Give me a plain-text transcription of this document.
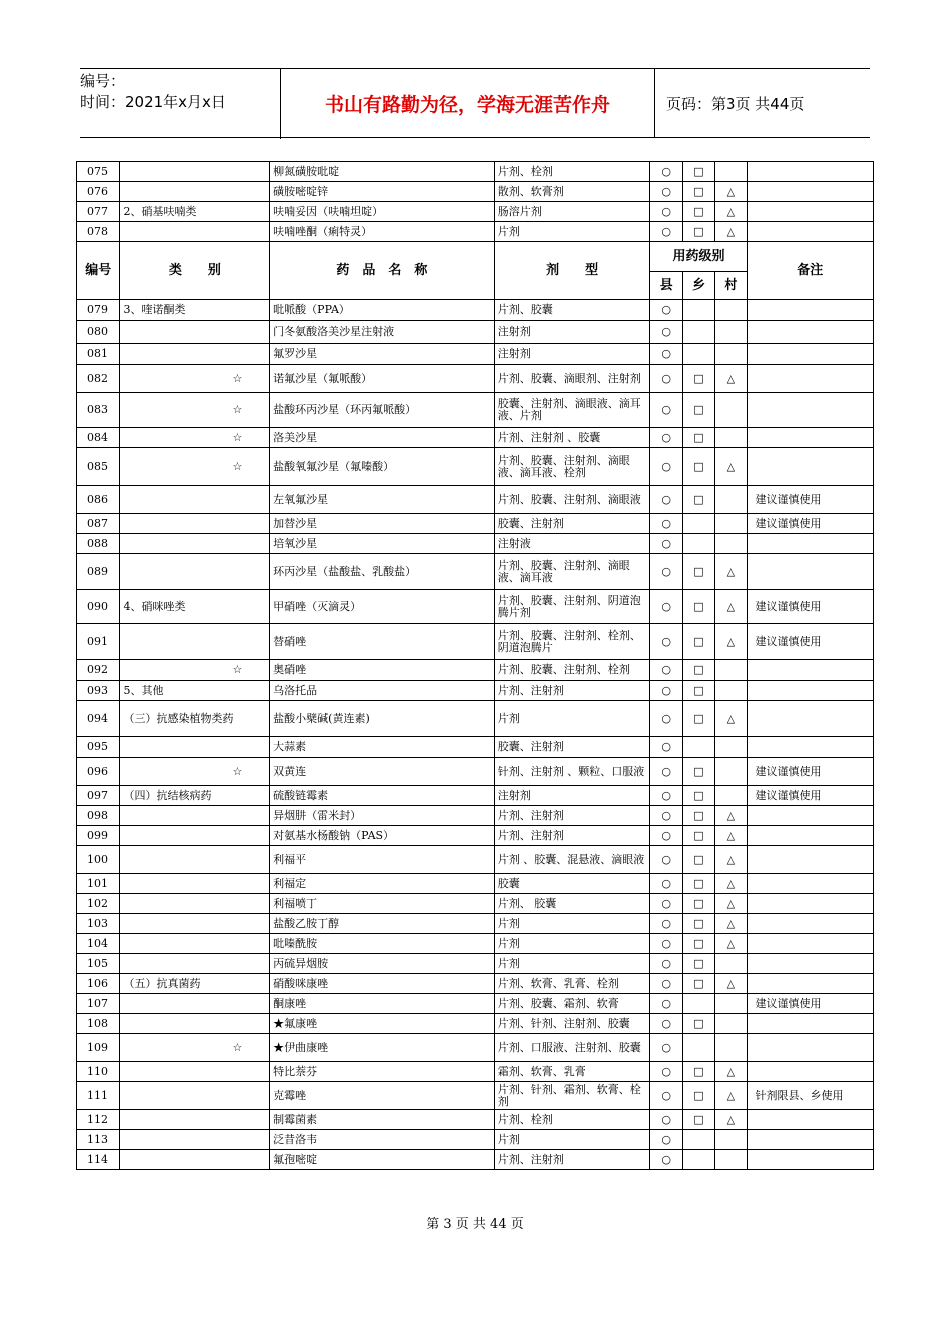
编号：
时间：2021年x月x日	书山有路勤为径，学海无涯苦作舟	页码：第3页 共44页
075		柳氮磺胺吡啶	片剂、栓剂	○	□		
076		磺胺嘧啶锌	散剂、软膏剂	○	□	△	
077	2、硝基呋喃类	呋喃妥因（呋喃坦啶）	肠溶片剂	○	□	△	
078		呋喃唑酮（痢特灵）	片剂	○	□	△	
编号	类　　别	药　品　名　称	剂　　型	用药级别			备注
				县	乡	村	
079	3、喹诺酮类	吡哌酸（PPA）	片剂、胶囊	○			
080		门冬氨酸洛美沙星注射液	注射剂	○			
081		氟罗沙星	注射剂	○			
082	☆	诺氟沙星（氟哌酸）	片剂、胶囊、滴眼剂、注射剂	○	□	△	
083	☆	盐酸环丙沙星（环丙氟哌酸）	胶囊、注射剂、滴眼液、滴耳液、片剂	○	□		
084	☆	洛美沙星	片剂、注射剂 、胶囊	○	□		
085	☆	盐酸氧氟沙星（氟嗪酸）	片剂、胶囊、注射剂、滴眼液、滴耳液、栓剂	○	□	△	
086		左氧氟沙星	片剂、胶囊、注射剂、滴眼液	○	□		建议谨慎使用
087		加替沙星	胶囊、注射剂	○			建议谨慎使用
088		培氧沙星	注射液	○			
089		环丙沙星（盐酸盐、乳酸盐）	片剂、胶囊、注射剂、滴眼液、滴耳液	○	□	△	
090	4、硝咪唑类	甲硝唑（灭滴灵）	片剂、胶囊、注射剂、阴道泡腾片剂	○	□	△	建议谨慎使用
091		替硝唑	片剂、胶囊、注射剂、栓剂、阴道泡腾片	○	□	△	建议谨慎使用
092	☆	奥硝唑	片剂、胶囊、注射剂、栓剂	○	□		
093	5、其他	乌洛托品	片剂、注射剂	○	□		
094	（三）抗感染植物类药	盐酸小檗碱(黄连素)	片剂	○	□	△	
095		大蒜素	胶囊、注射剂	○			
096	☆	双黄连	针剂、注射剂 、颗粒、口服液	○	□		建议谨慎使用
097	（四）抗结核病药	硫酸链霉素	注射剂	○	□		建议谨慎使用
098		异烟肼（雷米封）	片剂、注射剂	○	□	△	
099		对氨基水杨酸钠（PAS）	片剂、注射剂	○	□	△	
100		利福平	片剂 、胶囊、混悬液、滴眼液	○	□	△	
101		利福定	胶囊	○	□	△	
102		利福喷丁	片剂、 胶囊	○	□	△	
103		盐酸乙胺丁醇	片剂	○	□	△	
104		吡嗪酰胺	片剂	○	□	△	
105		丙硫异烟胺	片剂	○	□		
106	（五）抗真菌药	硝酸咪康唑	片剂、软膏、乳膏、栓剂	○	□	△	
107		酮康唑	片剂、胶囊、霜剂、软膏	○			建议谨慎使用
108		★氟康唑	片剂、针剂、注射剂、胶囊	○	□		
109	☆	★伊曲康唑	片剂、口服液、注射剂、胶囊	○			
110		特比萘芬	霜剂、软膏、乳膏	○	□	△	
111		克霉唑	片剂、针剂、霜剂、软膏、栓剂	○	□	△	针剂限县、乡使用
112		制霉菌素	片剂、栓剂	○	□	△	
113		泛昔洛韦	片剂	○			
114		氟孢嘧啶	片剂、注射剂	○			
第 3 页 共 44 页
